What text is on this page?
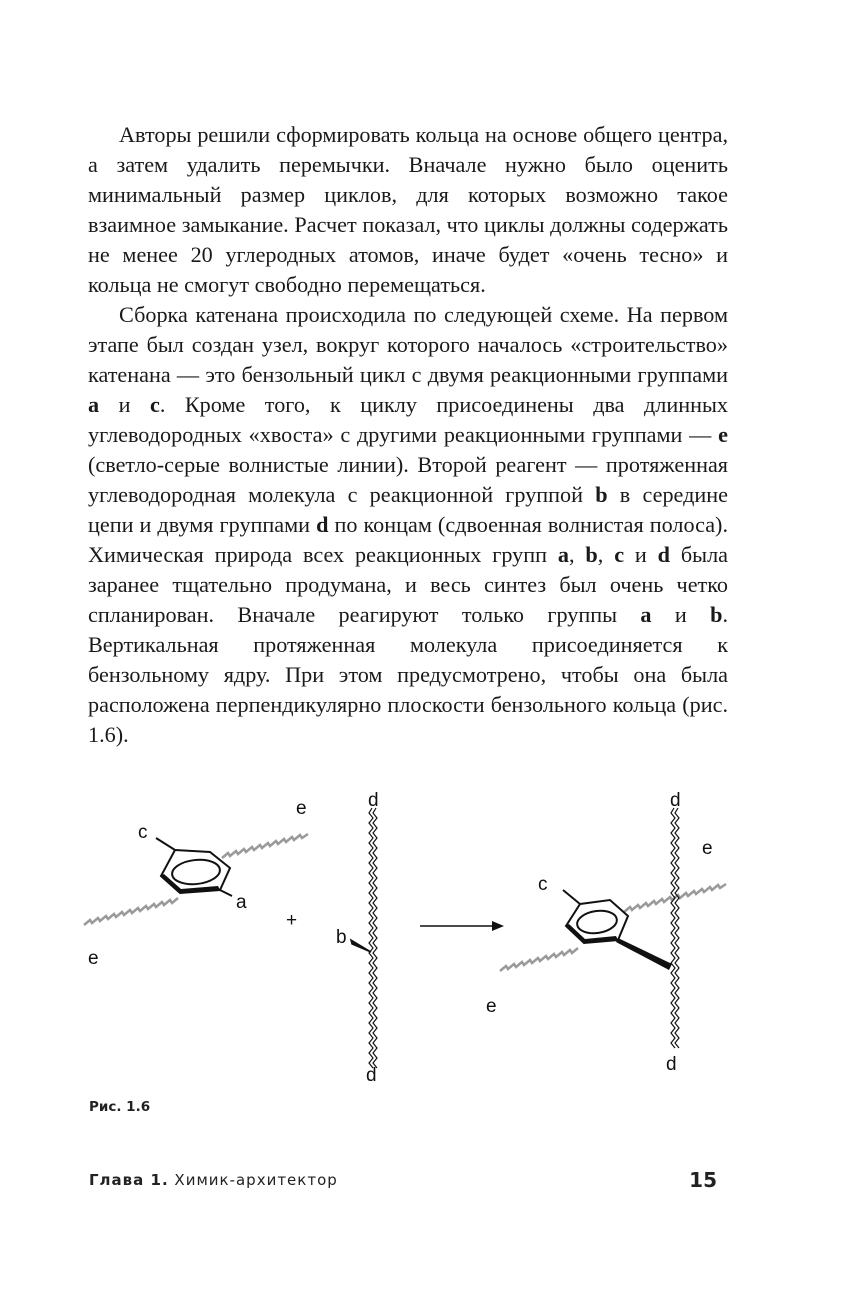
Авторы решили сформировать кольца на основе общего центра, а затем удалить перемычки. Вначале нужно было оценить минимальный размер циклов, для которых возможно такое взаимное замыкание. Расчет показал, что циклы должны содержать не менее 20 углеродных атомов, иначе будет «очень тесно» и кольца не смогут свободно перемещаться.

Сборка катенана происходила по следующей схеме. На первом этапе был создан узел, вокруг которого началось «строительство» катенана — это бензольный цикл с двумя реакционными группами a и c. Кроме того, к циклу присоединены два длинных углеводородных «хвоста» с другими реакционными группами — e (светло-серые волнистые линии). Второй реагент — протяженная углеводородная молекула с реакционной группой b в середине цепи и двумя группами d по концам (сдвоенная волнистая полоса). Химическая природа всех реакционных групп a, b, c и d была заранее тщательно продумана, и весь синтез был очень четко спланирован. Вначале реагируют только группы a и b. Вертикальная протяженная молекула присоединяется к бензольному ядру. При этом предусмотрено, чтобы она была расположена перпендикулярно плоскости бензольного кольца (рис. 1.6).

c
a
e
e
+
d
b
d
c
d
e
e
d
Рис. 1.6
Глава 1. Химик-архитектор	15
